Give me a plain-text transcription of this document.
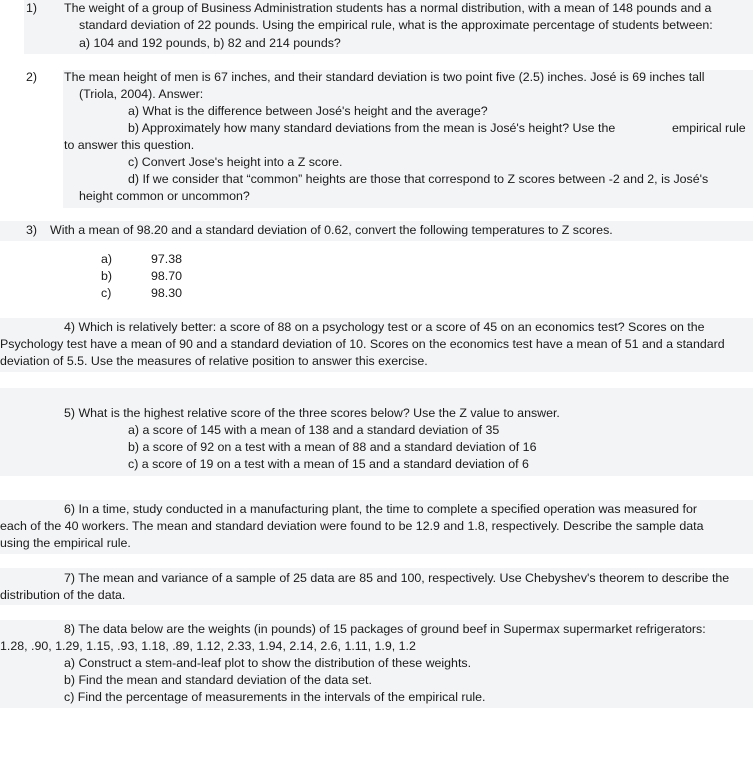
1) The weight of a group of Business Administration students has a normal distribution, with a mean of 148 pounds and a
standard deviation of 22 pounds. Using the empirical rule, what is the approximate percentage of students between:
a) 104 and 192 pounds, b) 82 and 214 pounds?
2) The mean height of men is 67 inches, and their standard deviation is two point five (2.5) inches. José is 69 inches tall
(Triola, 2004). Answer:
a) What is the difference between José's height and the average?
b) Approximately how many standard deviations from the mean is José's height? Use the	empirical rule
to answer this question.
c) Convert Jose's height into a Z score.
d) If we consider that “common” heights are those that correspond to Z scores between -2 and 2, is José's
height common or uncommon?
3) With a mean of 98.20 and a standard deviation of 0.62, convert the following temperatures to Z scores.
a)	97.38
b)	98.70
c)	98.30
4) Which is relatively better: a score of 88 on a psychology test or a score of 45 on an economics test? Scores on the
Psychology test have a mean of 90 and a standard deviation of 10. Scores on the economics test have a mean of 51 and a standard
deviation of 5.5. Use the measures of relative position to answer this exercise.
5) What is the highest relative score of the three scores below? Use the Z value to answer.
a) a score of 145 with a mean of 138 and a standard deviation of 35
b) a score of 92 on a test with a mean of 88 and a standard deviation of 16
c) a score of 19 on a test with a mean of 15 and a standard deviation of 6
6) In a time, study conducted in a manufacturing plant, the time to complete a specified operation was measured for
each of the 40 workers. The mean and standard deviation were found to be 12.9 and 1.8, respectively. Describe the sample data
using the empirical rule.
7) The mean and variance of a sample of 25 data are 85 and 100, respectively. Use Chebyshev's theorem to describe the
distribution of the data.
8) The data below are the weights (in pounds) of 15 packages of ground beef in Supermax supermarket refrigerators:
1.28, .90, 1.29, 1.15, .93, 1.18, .89, 1.12, 2.33, 1.94, 2.14, 2.6, 1.11, 1.9, 1.2
a) Construct a stem-and-leaf plot to show the distribution of these weights.
b) Find the mean and standard deviation of the data set.
c) Find the percentage of measurements in the intervals of the empirical rule.
